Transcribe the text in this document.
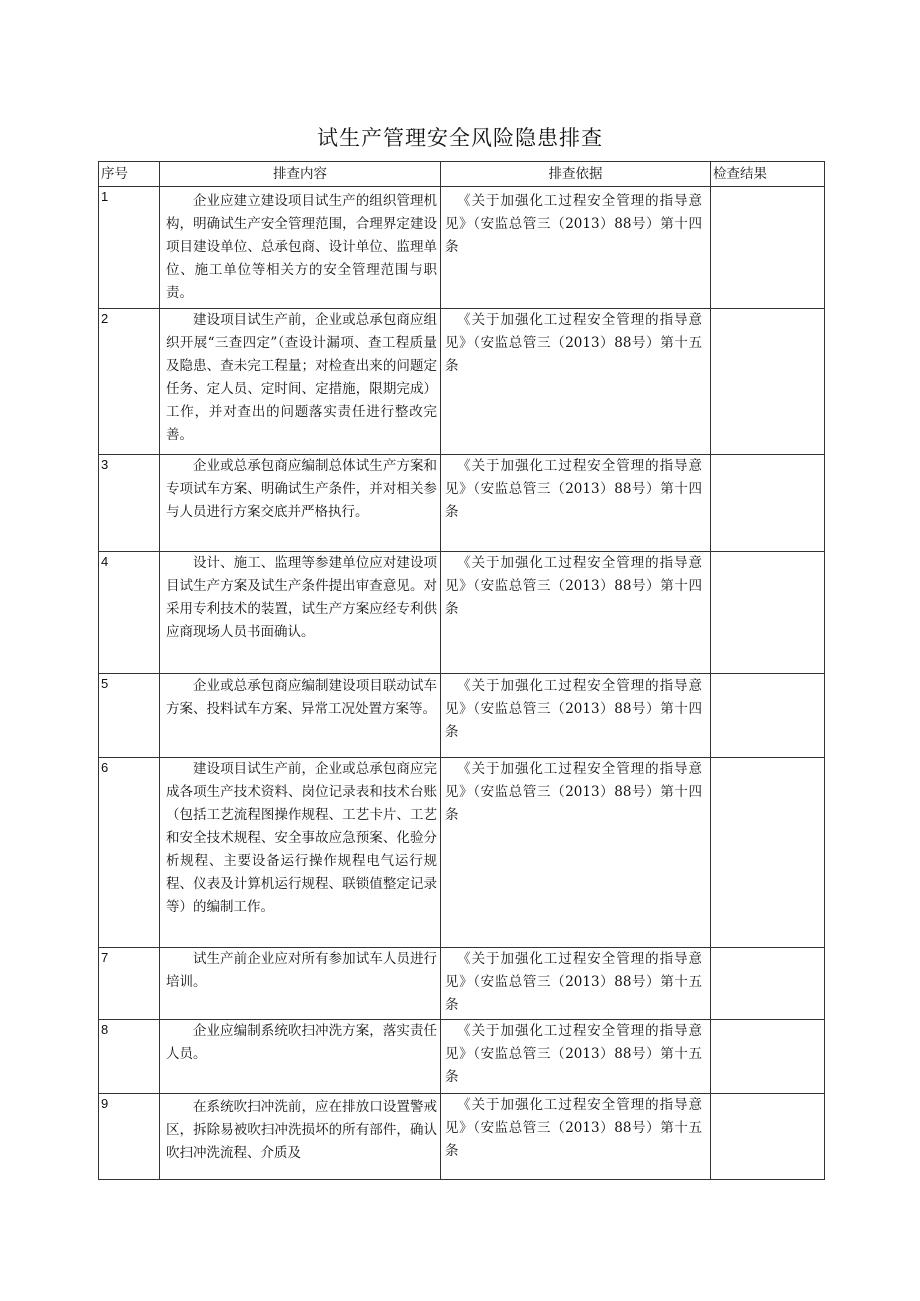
试生产管理安全风险隐患排查
序号	排查内容	排查依据	检查结果
1	企业应建立建设项目试生产的组织管理机构，明确试生产安全管理范围，合理界定建设项目建设单位、总承包商、设计单位、监理单位、施工单位等相关方的安全管理范围与职责。	《关于加强化工过程安全管理的指导意见》（安监总管三（2013）88号）第十四条	

2	建设项目试生产前，企业或总承包商应组织开展“三查四定”（查设计漏项、查工程质量及隐患、查未完工程量；对检查出来的问题定任务、定人员、定时间、定措施，限期完成）工作，并对查出的问题落实责任进行整改完善。	《关于加强化工过程安全管理的指导意见》（安监总管三（2013）88号）第十五条	

3	企业或总承包商应编制总体试生产方案和专项试车方案、明确试生产条件，并对相关参与人员进行方案交底并严格执行。	《关于加强化工过程安全管理的指导意见》（安监总管三（2013）88号）第十四条	

4	设计、施工、监理等参建单位应对建设项目试生产方案及试生产条件提出审查意见。对采用专利技术的装置，试生产方案应经专利供应商现场人员书面确认。	《关于加强化工过程安全管理的指导意见》（安监总管三（2013）88号）第十四条	

5	企业或总承包商应编制建设项目联动试车方案、投料试车方案、异常工况处置方案等。	《关于加强化工过程安全管理的指导意见》（安监总管三（2013）88号）第十四条	

6	建设项目试生产前，企业或总承包商应完成各项生产技术资料、岗位记录表和技术台账（包括工艺流程图操作规程、工艺卡片、工艺和安全技术规程、安全事故应急预案、化验分析规程、主要设备运行操作规程电气运行规程、仪表及计算机运行规程、联锁值整定记录等）的编制工作。	《关于加强化工过程安全管理的指导意见》（安监总管三（2013）88号）第十四条	

7	试生产前企业应对所有参加试车人员进行培训。	《关于加强化工过程安全管理的指导意见》（安监总管三（2013）88号）第十五条	

8	企业应编制系统吹扫冲洗方案，落实责任人员。	《关于加强化工过程安全管理的指导意见》（安监总管三（2013）88号）第十五条	

9	在系统吹扫冲洗前，应在排放口设置警戒区，拆除易被吹扫冲洗损坏的所有部件，确认吹扫冲洗流程、介质及	《关于加强化工过程安全管理的指导意见》（安监总管三（2013）88号）第十五条	
